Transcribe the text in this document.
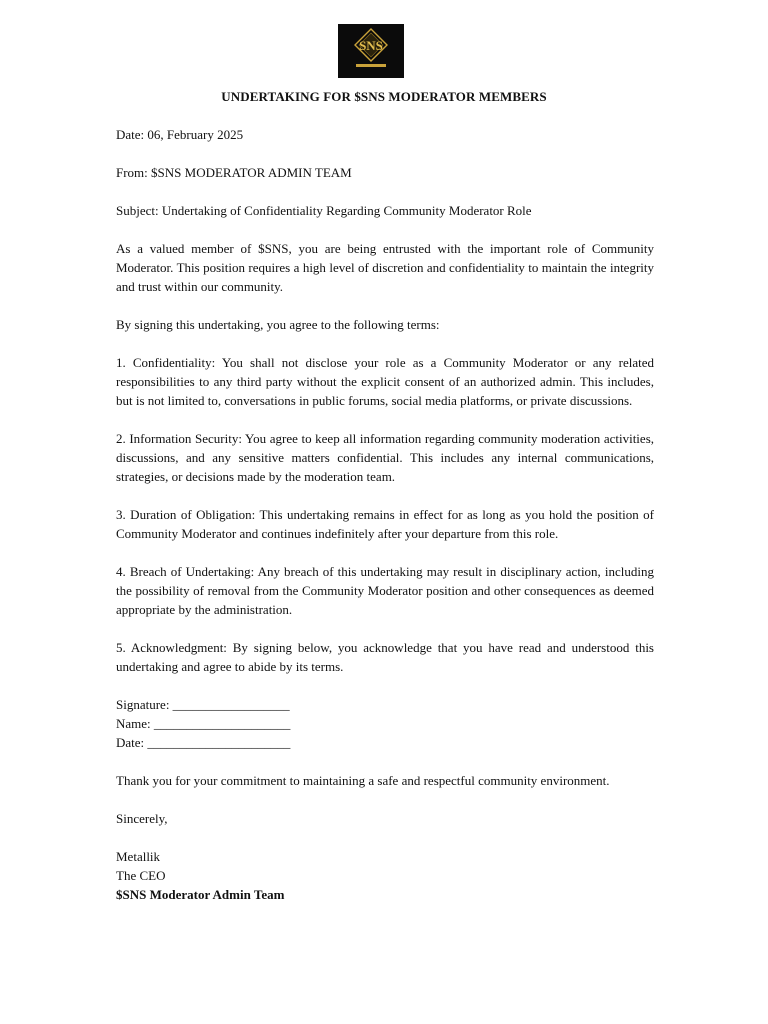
SNS
UNDERTAKING FOR $SNS MODERATOR MEMBERS

Date: 06, February 2025

From: $SNS MODERATOR ADMIN TEAM

Subject: Undertaking of Confidentiality Regarding Community Moderator Role

As a valued member of $SNS, you are being entrusted with the important role of Community Moderator. This position requires a high level of discretion and confidentiality to maintain the integrity and trust within our community.

By signing this undertaking, you agree to the following terms:

1. Confidentiality: You shall not disclose your role as a Community Moderator or any related responsibilities to any third party without the explicit consent of an authorized admin. This includes, but is not limited to, conversations in public forums, social media platforms, or private discussions.

2. Information Security: You agree to keep all information regarding community moderation activities, discussions, and any sensitive matters confidential. This includes any internal communications, strategies, or decisions made by the moderation team.

3. Duration of Obligation: This undertaking remains in effect for as long as you hold the position of Community Moderator and continues indefinitely after your departure from this role.

4. Breach of Undertaking: Any breach of this undertaking may result in disciplinary action, including the possibility of removal from the Community Moderator position and other consequences as deemed appropriate by the administration.

5. Acknowledgment: By signing below, you acknowledge that you have read and understood this undertaking and agree to abide by its terms.

Signature: __________________

Name: _____________________

Date: ______________________

Thank you for your commitment to maintaining a safe and respectful community environment.

Sincerely,

Metallik

The CEO

$SNS Moderator Admin Team
